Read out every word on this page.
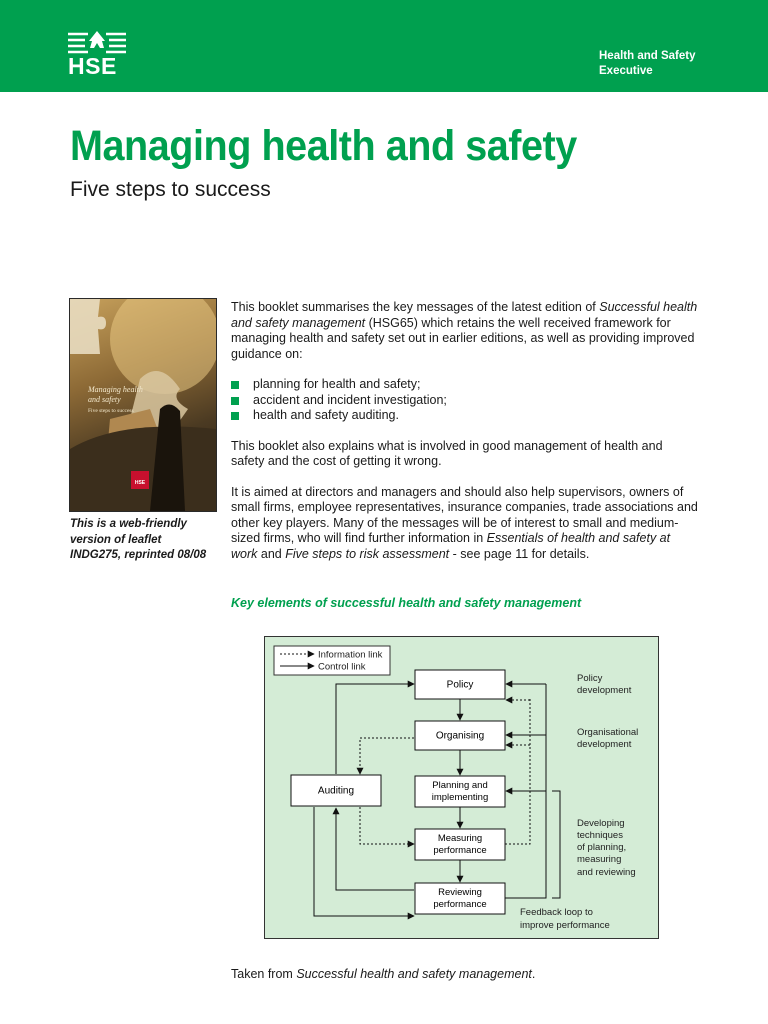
HSE	Health and Safety
Executive
Managing health and safety
Five steps to success
Managing health
and safety
Five steps to success
HSE
This is a web-friendly
version of leaflet
INDG275, reprinted 08/08

This booklet summarises the key messages of the latest edition of Successful health and safety management (HSG65) which retains the well received framework for managing health and safety set out in earlier editions, as well as providing improved guidance on:

planning for health and safety;
accident and incident investigation;
health and safety auditing.

This booklet also explains what is involved in good management of health and safety and the cost of getting it wrong.

It is aimed at directors and managers and should also help supervisors, owners of small firms, employee representatives, insurance companies, trade associations and other key players. Many of the messages will be of interest to small and medium-sized firms, who will find further information in Essentials of health and safety at work and Five steps to risk assessment - see page 11 for details.

Key elements of successful health and safety management
Information link
Control link
Policy
Organising
Planning and
implementing
Measuring
performance
Reviewing
performance
Auditing
Policy
development
Organisational
development
Developing
techniques
of planning,
measuring
and reviewing
Feedback loop to
improve performance

Taken from Successful health and safety management.
